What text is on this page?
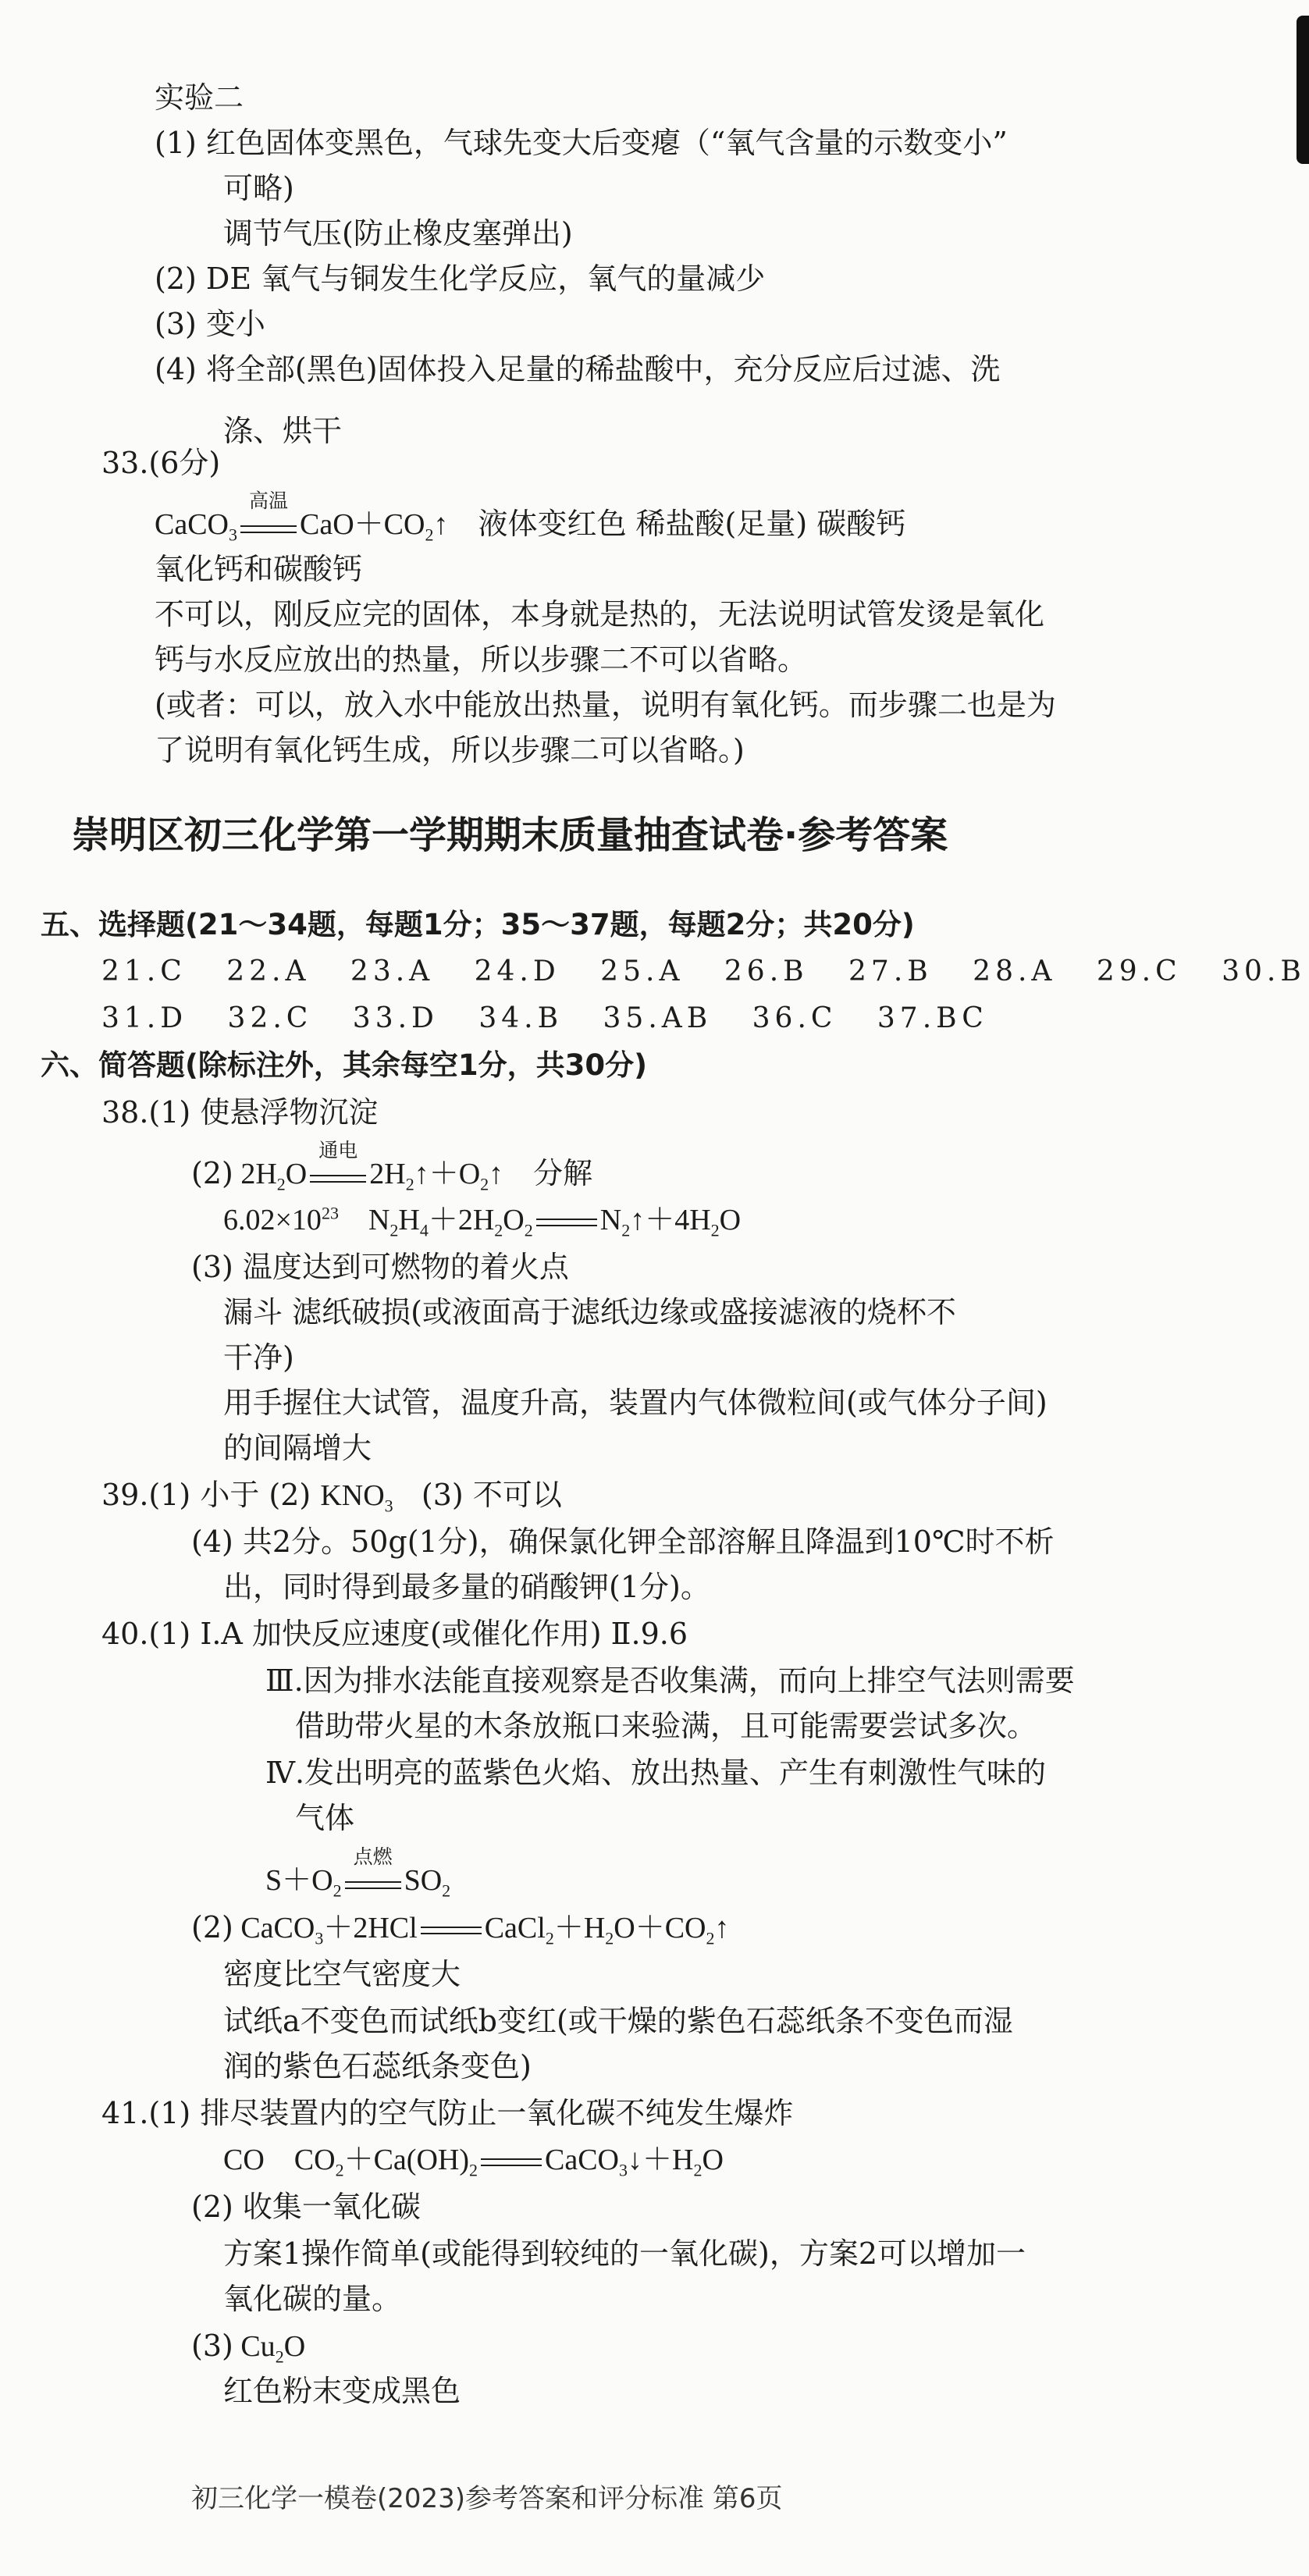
实验二
(1) 红色固体变黑色，气球先变大后变瘪（“氧气含量的示数变小”
可略)
调节气压(防止橡皮塞弹出)
(2) DE 氧气与铜发生化学反应，氧气的量减少
(3) 变小
(4) 将全部(黑色)固体投入足量的稀盐酸中，充分反应后过滤、洗
涤、烘干
33.(6分)
CaCO$_3$
高温
$CaO+CO_2↑$    液体变红色 稀盐酸(足量) 碳酸钙
氧化钙和碳酸钙
不可以，刚反应完的固体，本身就是热的，无法说明试管发烫是氧化
钙与水反应放出的热量，所以步骤二不可以省略。
(或者：可以，放入水中能放出热量，说明有氧化钙。而步骤二也是为
了说明有氧化钙生成，所以步骤二可以省略。)
崇明区初三化学第一学期期末质量抽查试卷·参考答案
五、选择题(21～34题，每题1分；35～37题，每题2分；共20分)
21.C 22.A 23.A 24.D 25.A 26.B 27.B 28.A 29.C 30.B
31.D 32.C 33.D 34.B 35.AB 36.C 37.BC
六、简答题(除标注外，其余每空1分，共30分)
38.(1) 使悬浮物沉淀
(2) $2H_2O$
通电
$2H_2↑+O_2↑$    分解
$6.02\times 10^{23}$    $N_2H_4+2H_2O_2$ $N_2↑+4H_2O$
(3) 温度达到可燃物的着火点
漏斗 滤纸破损(或液面高于滤纸边缘或盛接滤液的烧杯不
干净)
用手握住大试管，温度升高，装置内气体微粒间(或气体分子间)
的间隔增大
39.(1) 小于 (2) $KNO_3$ (3) 不可以
(4) 共2分。50g(1分)，确保氯化钾全部溶解且降温到10℃时不析
出，同时得到最多量的硝酸钾(1分)。
40.(1) Ⅰ.A 加快反应速度(或催化作用) Ⅱ.9.6
Ⅲ.因为排水法能直接观察是否收集满，而向上排空气法则需要
借助带火星的木条放瓶口来验满，且可能需要尝试多次。
Ⅳ.发出明亮的蓝紫色火焰、放出热量、产生有刺激性气味的
气体
$S+O_2$
点燃
$SO_2$
(2) CaCO$_3$＋2HCl $CaCl_2+H_2O+CO_2↑$
密度比空气密度大
试纸a不变色而试纸b变红(或干燥的紫色石蕊纸条不变色而湿
润的紫色石蕊纸条变色)
41.(1) 排尽装置内的空气防止一氧化碳不纯发生爆炸
CO    $CO_2+Ca(OH)_2$ $CaCO_3↓+H_2O$
(2) 收集一氧化碳
方案1操作简单(或能得到较纯的一氧化碳)，方案2可以增加一
氧化碳的量。
(3) $Cu_2O$
红色粉末变成黑色
初三化学一模卷(2023)参考答案和评分标准 第6页
